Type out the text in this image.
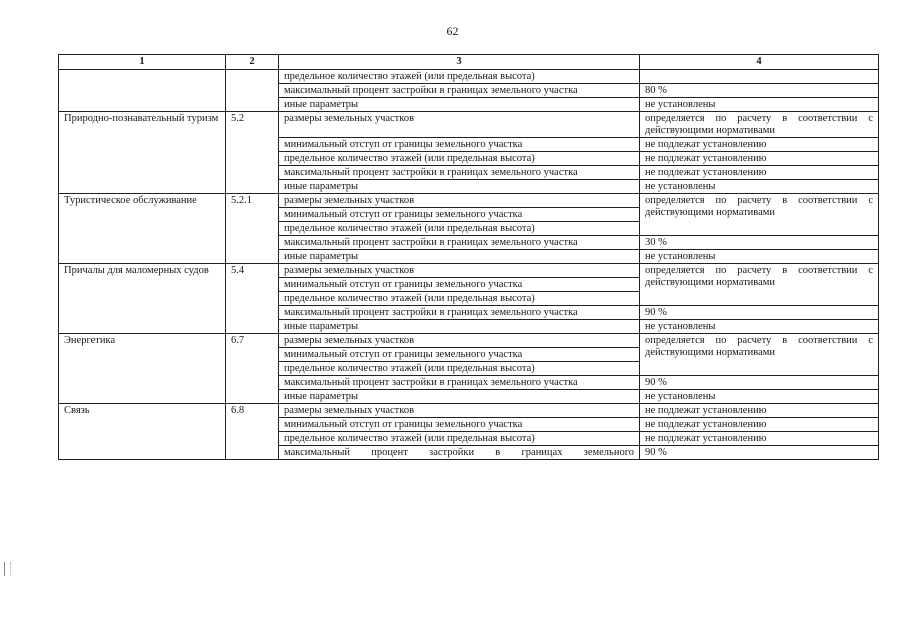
62
1	2	3	4
		предельное количество этажей (или предельная высота)	
		максимальный процент застройки в границах земельного участка	80 %
		иные параметры	не установлены
Природно-познавательный туризм	5.2	размеры земельных участков	определяется по расчету в соответствии с действующими нормативами
		минимальный отступ от границы земельного участка	не подлежат установлению
		предельное количество этажей (или предельная высота)	не подлежат установлению
		максимальный процент застройки в границах земельного участка	не подлежат установлению
		иные параметры	не установлены
Туристическое обслуживание	5.2.1	размеры земельных участков	определяется по расчету в соответствии с действующими нормативами
		минимальный отступ от границы земельного участка	
		предельное количество этажей (или предельная высота)	
		максимальный процент застройки в границах земельного участка	30 %
		иные параметры	не установлены
Причалы для маломерных судов	5.4	размеры земельных участков	определяется по расчету в соответствии с действующими нормативами
		минимальный отступ от границы земельного участка	
		предельное количество этажей (или предельная высота)	
		максимальный процент застройки в границах земельного участка	90 %
		иные параметры	не установлены
Энергетика	6.7	размеры земельных участков	определяется по расчету в соответствии с действующими нормативами
		минимальный отступ от границы земельного участка	
		предельное количество этажей (или предельная высота)	
		максимальный процент застройки в границах земельного участка	90 %
		иные параметры	не установлены
Связь	6.8	размеры земельных участков	не подлежат установлению
		минимальный отступ от границы земельного участка	не подлежат установлению
		предельное количество этажей (или предельная высота)	не подлежат установлению
		максимальный процент застройки в границах земельного	90 %
